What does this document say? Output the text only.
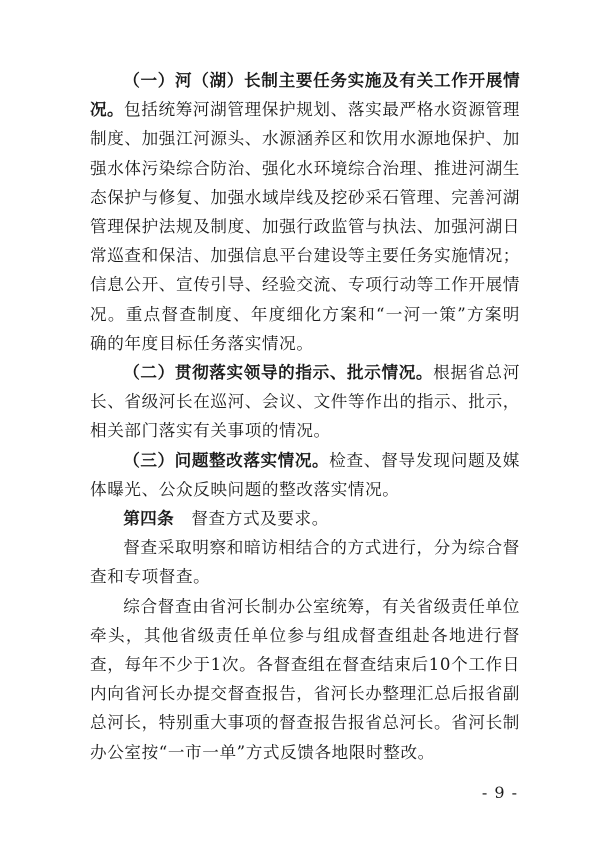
（一）河（湖）长制主要任务实施及有关工作开展情况。包括统筹河湖管理保护规划、落实最严格水资源管理制度、加强江河源头、水源涵养区和饮用水源地保护、加强水体污染综合防治、强化水环境综合治理、推进河湖生态保护与修复、加强水域岸线及挖砂采石管理、完善河湖管理保护法规及制度、加强行政监管与执法、加强河湖日常巡查和保洁、加强信息平台建设等主要任务实施情况；信息公开、宣传引导、经验交流、专项行动等工作开展情况。重点督查制度、年度细化方案和“一河一策”方案明确的年度目标任务落实情况。

（二）贯彻落实领导的指示、批示情况。根据省总河长、省级河长在巡河、会议、文件等作出的指示、批示，相关部门落实有关事项的情况。

（三）问题整改落实情况。检查、督导发现问题及媒体曝光、公众反映问题的整改落实情况。

第四条　督查方式及要求。

督查采取明察和暗访相结合的方式进行，分为综合督查和专项督查。

综合督查由省河长制办公室统筹，有关省级责任单位牵头，其他省级责任单位参与组成督查组赴各地进行督查，每年不少于1次。各督查组在督查结束后10个工作日内向省河长办提交督查报告，省河长办整理汇总后报省副总河长，特别重大事项的督查报告报省总河长。省河长制办公室按“一市一单”方式反馈各地限时整改。

- 9 -
